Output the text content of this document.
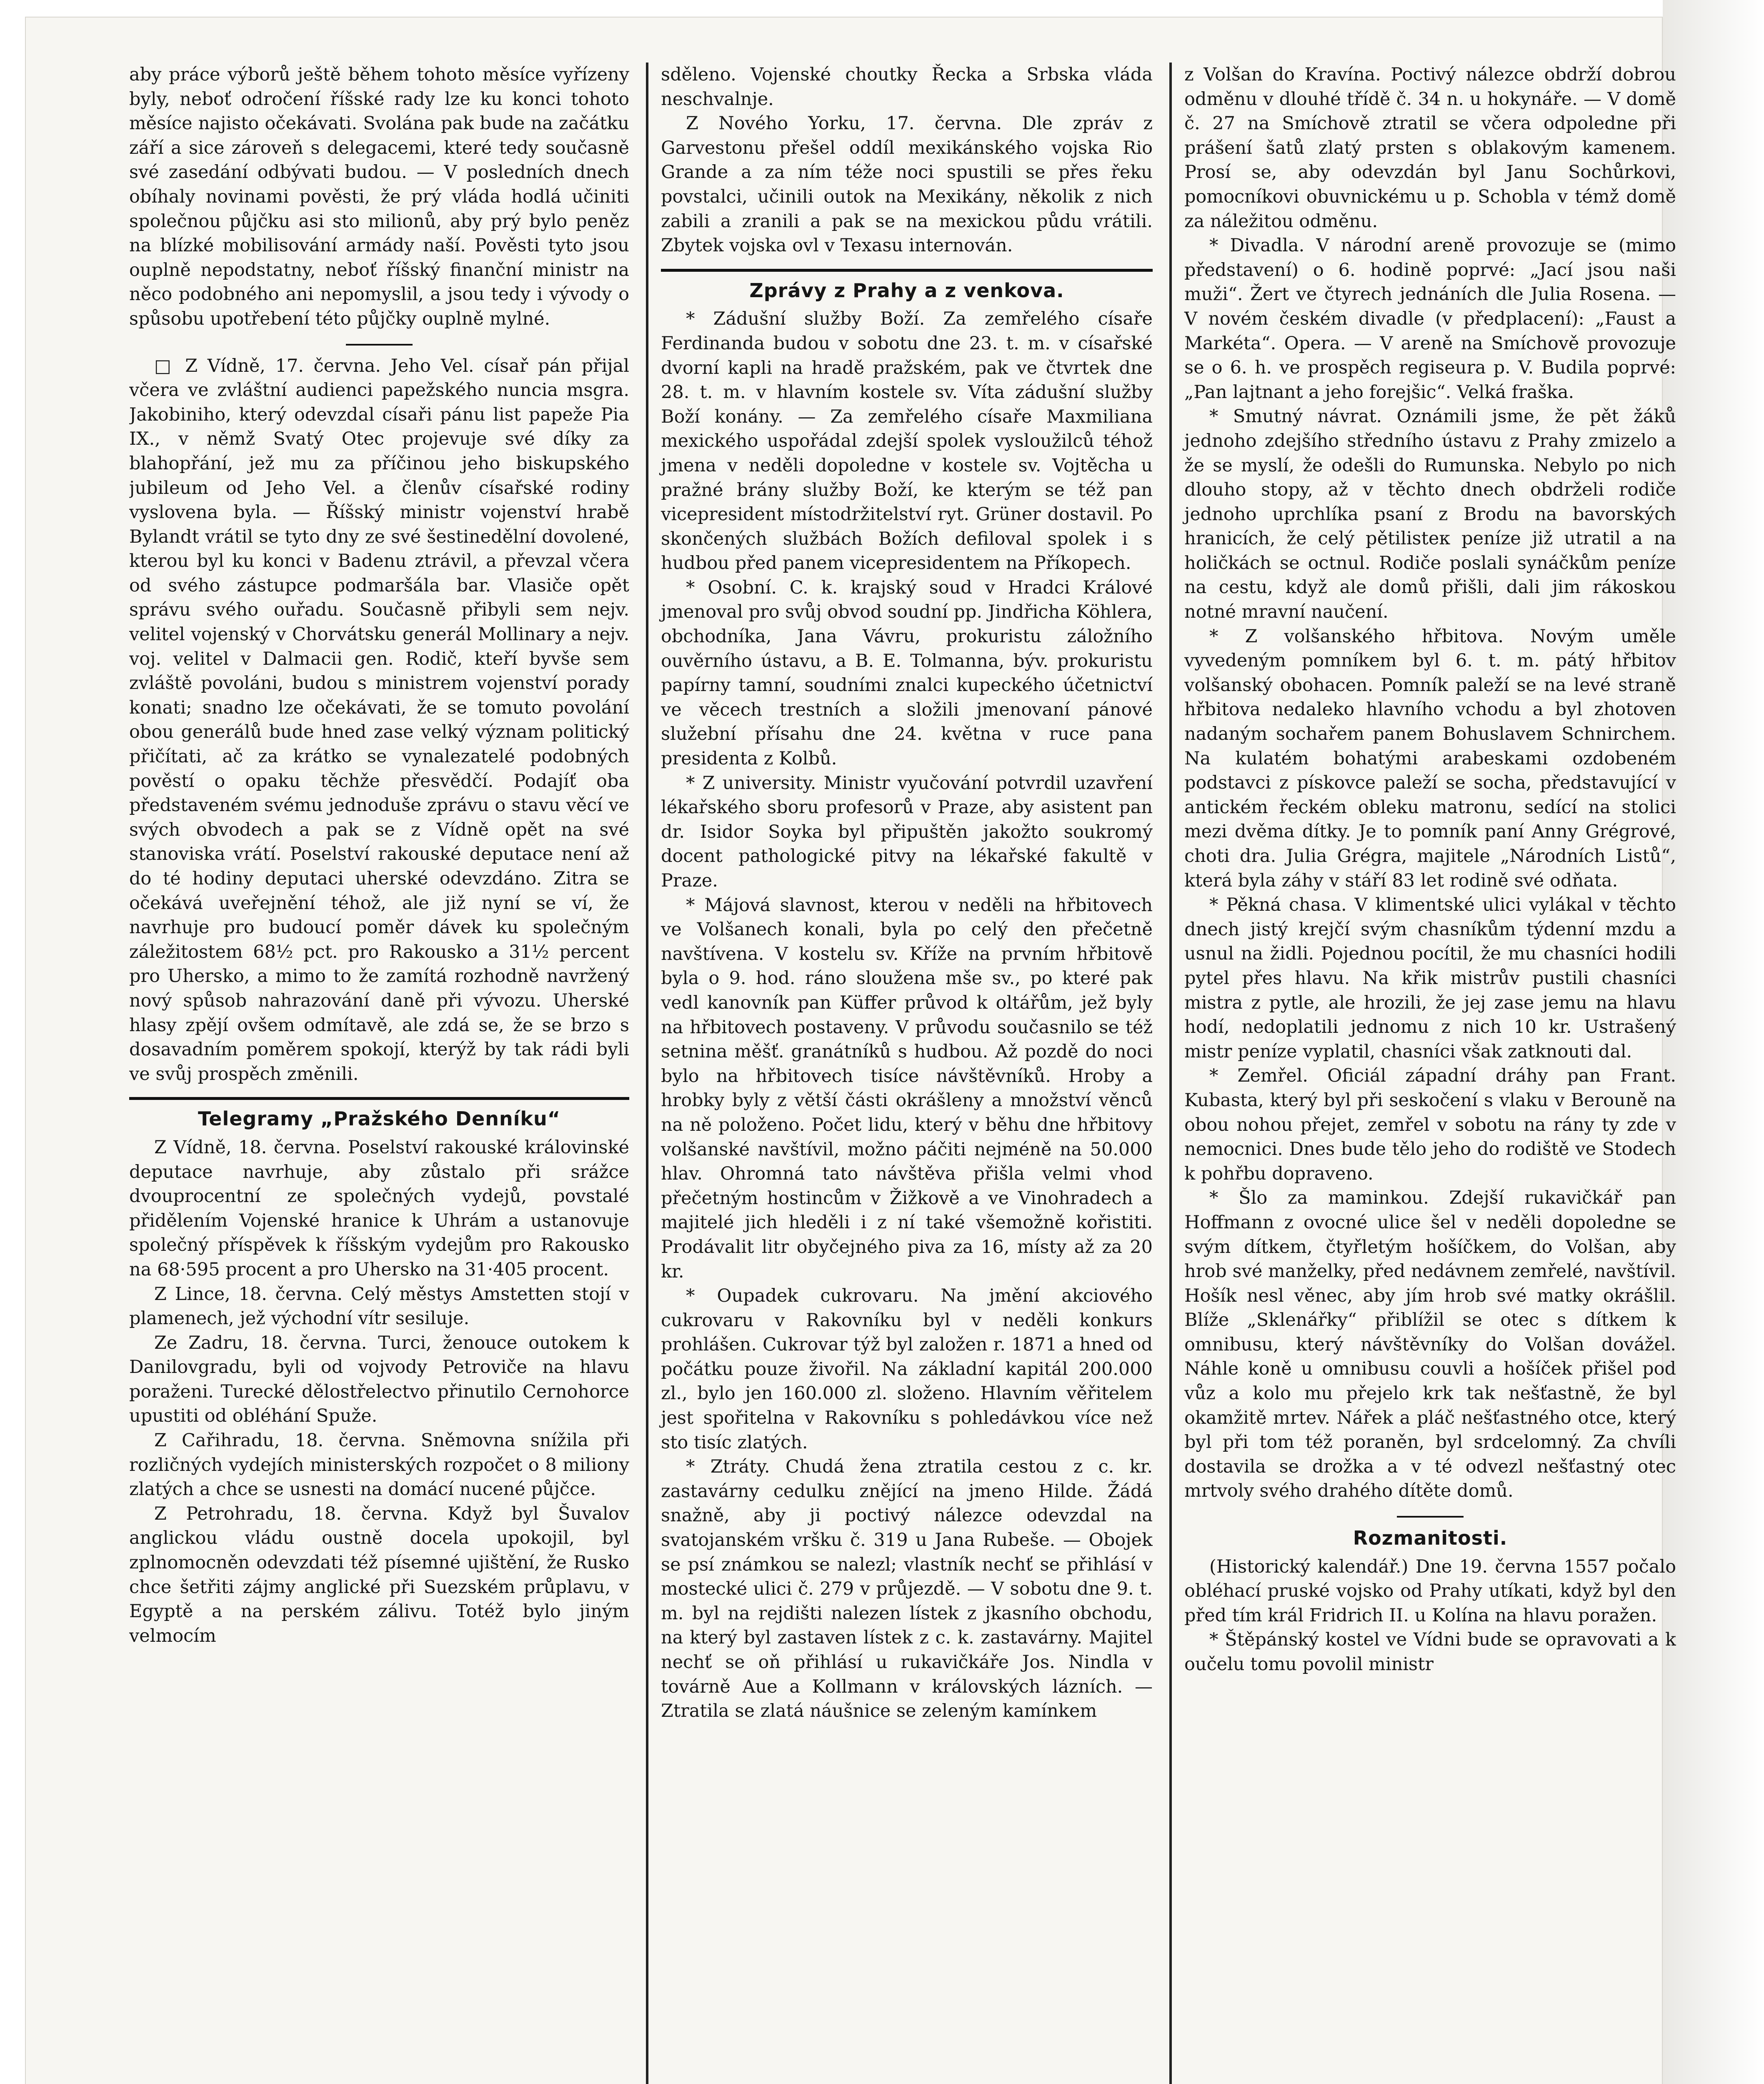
aby práce výborů ještě během tohoto měsíce vyřízeny byly, neboť odročení říšské rady lze ku konci tohoto měsíce najisto očekávati. Svolána pak bude na začátku září a sice zároveň s delegacemi, které tedy současně své zasedání odbývati budou. — V posledních dnech obíhaly novinami pověsti, že prý vláda hodlá učiniti společnou půjčku asi sto milionů, aby prý bylo peněz na blízké mobilisování armády naší. Pověsti tyto jsou ouplně nepodstatny, neboť říšský finanční ministr na něco podobného ani nepomyslil, a jsou tedy i vývody o spůsobu upotřebení této půjčky ouplně mylné.

□ Z Vídně, 17. června. Jeho Vel. císař pán přijal včera ve zvláštní audienci papežského nuncia msgra. Jakobiniho, který odevzdal císaři pánu list papeže Pia IX., v němž Svatý Otec projevuje své díky za blahopřání, jež mu za příčinou jeho biskupského jubileum od Jeho Vel. a členův císařské rodiny vyslovena byla. — Říšský ministr vojenství hrabě Bylandt vrátil se tyto dny ze své šestinedělní dovolené, kterou byl ku konci v Badenu ztrávil, a převzal včera od svého zástupce podmaršála bar. Vlasiče opět správu svého ouřadu. Současně přibyli sem nejv. velitel vojenský v Chorvátsku generál Mollinary a nejv. voj. velitel v Dalmacii gen. Rodič, kteří byvše sem zvláště povoláni, budou s ministrem vojenství porady konati; snadno lze očekávati, že se tomuto povolání obou generálů bude hned zase velký význam politický přičítati, ač za krátko se vynalezatelé podobných pověstí o opaku těchže přesvědčí. Podajíť oba představeném svému jednoduše zprávu o stavu věcí ve svých obvodech a pak se z Vídně opět na své stanoviska vrátí. Poselství rakouské deputace není až do té hodiny deputaci uherské odevzdáno. Zitra se očekává uveřejnění téhož, ale již nyní se ví, že navrhuje pro budoucí poměr dávek ku společným záležitostem 68½ pct. pro Rakousko a 31½ percent pro Uhersko, a mimo to že zamítá rozhodně navržený nový spůsob nahrazování daně při vývozu. Uherské hlasy zpějí ovšem odmítavě, ale zdá se, že se brzo s dosavadním poměrem spokojí, kterýž by tak rádi byli ve svůj prospěch změnili.

Telegramy „Pražského Denníku“

Z Vídně, 18. června. Poselství rakouské královinské deputace navrhuje, aby zůstalo při srážce dvouprocentní ze společných vydejů, povstalé přidělením Vojenské hranice k Uhrám a ustanovuje společný příspěvek k říšským vydejům pro Rakousko na 68·595 procent a pro Uhersko na 31·405 procent.

Z Lince, 18. června. Celý městys Amstetten stojí v plamenech, jež východní vítr sesiluje.

Ze Zadru, 18. června. Turci, ženouce outokem k Danilovgradu, byli od vojvody Petroviče na hlavu poraženi. Turecké dělostřelectvo přinutilo Cernohorce upustiti od obléhání Spuže.

Z Cařihradu, 18. června. Sněmovna snížila při rozličných vydejích ministerských rozpočet o 8 miliony zlatých a chce se usnesti na domácí nucené půjčce.

Z Petrohradu, 18. června. Když byl Šuvalov anglickou vládu oustně docela upokojil, byl zplnomocněn odevzdati též písemné ujištění, že Rusko chce šetřiti zájmy anglické při Suezském průplavu, v Egyptě a na perském zálivu. Totéž bylo jiným velmocím

sděleno. Vojenské choutky Řecka a Srbska vláda neschvalnje.

Z Nového Yorku, 17. června. Dle zpráv z Garvestonu přešel oddíl mexikánského vojska Rio Grande a za ním téže noci spustili se přes řeku povstalci, učinili outok na Mexikány, několik z nich zabili a zranili a pak se na mexickou půdu vrátili. Zbytek vojska ovl v Texasu internován.

Zprávy z Prahy a z venkova.

* Zádušní služby Boží. Za zemřelého císaře Ferdinanda budou v sobotu dne 23. t. m. v císařské dvorní kapli na hradě pražském, pak ve čtvrtek dne 28. t. m. v hlavním kostele sv. Víta zádušní služby Boží konány. — Za zemřelého císaře Maxmiliana mexického uspořádal zdejší spolek vysloužilců téhož jmena v neděli dopoledne v kostele sv. Vojtěcha u pražné brány služby Boží, ke kterým se též pan vicepresident místodržitelství ryt. Grüner dostavil. Po skončených službách Božích defiloval spolek i s hudbou před panem vicepresidentem na Příkopech.

* Osobní. C. k. krajský soud v Hradci Králové jmenoval pro svůj obvod soudní pp. Jindřicha Köhlera, obchodníka, Jana Vávru, prokuristu záložního ouvěrního ústavu, a B. E. Tolmanna, býv. prokuristu papírny tamní, soudními znalci kupeckého účetnictví ve věcech trestních a složili jmenovaní pánové služební přísahu dne 24. května v ruce pana presidenta z Kolbů.

* Z university. Ministr vyučování potvrdil uzavření lékařského sboru profesorů v Praze, aby asistent pan dr. Isidor Soyka byl připuštěn jakožto soukromý docent pathologické pitvy na lékařské fakultě v Praze.

* Májová slavnost, kterou v neděli na hřbitovech ve Volšanech konali, byla po celý den přečetně navštívena. V kostelu sv. Kříže na prvním hřbitově byla o 9. hod. ráno sloužena mše sv., po které pak vedl kanovník pan Küffer průvod k oltářům, jež byly na hřbitovech postaveny. V průvodu současnilo se též setnina měšť. granátníků s hudbou. Až pozdě do noci bylo na hřbitovech tisíce návštěvníků. Hroby a hrobky byly z větší části okrášleny a množství věnců na ně položeno. Počet lidu, který v běhu dne hřbitovy volšanské navštívil, možno páčiti nejméně na 50.000 hlav. Ohromná tato návštěva přišla velmi vhod přečetným hostincům v Žižkově a ve Vinohradech a majitelé jich hleděli i z ní také všemožně kořistiti. Prodávalit litr obyčejného piva za 16, místy až za 20 kr.

* Oupadek cukrovaru. Na jmění akciového cukrovaru v Rakovníku byl v neděli konkurs prohlášen. Cukrovar týž byl založen r. 1871 a hned od počátku pouze živořil. Na základní kapitál 200.000 zl., bylo jen 160.000 zl. složeno. Hlavním věřitelem jest spořitelna v Rakovníku s pohledávkou více než sto tisíc zlatých.

* Ztráty. Chudá žena ztratila cestou z c. kr. zastavárny cedulku znějící na jmeno Hilde. Žádá snažně, aby ji poctivý nálezce odevzdal na svatojanském vršku č. 319 u Jana Rubeše. — Obojek se psí známkou se nalezl; vlastník nechť se přihlásí v mostecké ulici č. 279 v průjezdě. — V sobotu dne 9. t. m. byl na rejdišti nalezen lístek z jkasního obchodu, na který byl zastaven lístek z c. k. zastavárny. Majitel nechť se oň přihlásí u rukavičkáře Jos. Nindla v továrně Aue a Kollmann v královských lázních. — Ztratila se zlatá náušnice se zeleným kamínkem

z Volšan do Kravína. Poctivý nálezce obdrží dobrou odměnu v dlouhé třídě č. 34 n. u hokynáře. — V domě č. 27 na Smíchově ztratil se včera odpoledne při prášení šatů zlatý prsten s oblakovým kamenem. Prosí se, aby odevzdán byl Janu Sochůrkovi, pomocníkovi obuvnickému u p. Schobla v témž domě za náležitou odměnu.

* Divadla. V národní areně provozuje se (mimo představení) o 6. hodině poprvé: „Jací jsou naši muži“. Žert ve čtyrech jednáních dle Julia Rosena. — V novém českém divadle (v předplacení): „Faust a Markéta“. Opera. — V areně na Smíchově provozuje se o 6. h. ve prospěch regiseura p. V. Budila poprvé: „Pan lajtnant a jeho forejšic“. Velká fraška.

* Smutný návrat. Oznámili jsme, že pět žáků jednoho zdejšího středního ústavu z Prahy zmizelo a že se myslí, že odešli do Rumunska. Nebylo po nich dlouho stopy, až v těchto dnech obdrželi rodiče jednoho uprchlíka psaní z Brodu na bavorských hranicích, že celý pětilisteк peníze již utratil a na holičkách se octnul. Rodiče poslali synáčkům peníze na cestu, když ale domů přišli, dali jim rákoskou notné mravní naučení.

* Z volšanského hřbitova. Novým uměle vyvedeným pomníkem byl 6. t. m. pátý hřbitov volšanský obohacen. Pomník paleží se na levé straně hřbitova nedaleko hlavního vchodu a byl zhotoven nadaným sochařem panem Bohuslavem Schnirchem. Na kulatém bohatými arabeskami ozdobeném podstavci z pískovce paleží se socha, představující v antickém řeckém obleku matronu, sedící na stolici mezi dvěma dítky. Je to pomník paní Anny Grégrové, choti drа. Julia Grégra, majitele „Národních Listů“, která byla záhy v stáří 83 let rodině své odňata.

* Pěkná chasa. V klimentské ulici vylákal v těchto dnech jistý krejčí svým chasníkům týdenní mzdu a usnul na židli. Pojednou pocítil, že mu chasníci hodili pytel přes hlavu. Na křik mistrův pustili chasníci mistra z pytle, ale hrozili, že jej zase jemu na hlavu hodí, nedoplatili jednomu z nich 10 kr. Ustrašený mistr peníze vyplatil, chasníci však zatknouti dal.

* Zemřel. Oficiál západní dráhy pan Frant. Kubasta, který byl při seskočení s vlaku v Berouně na obou nohou přejet, zemřel v sobotu na rány ty zde v nemocnici. Dnes bude tělo jeho do rodiště ve Stodech k pohřbu dopraveno.

* Šlo za maminkou. Zdejší rukavičkář pan Hoffmann z ovocné ulice šel v neděli dopoledne se svým dítkem, čtyřletým hošíčkem, do Volšan, aby hrob své manželky, před nedávnem zemřelé, navštívil. Hošík nesl věnec, aby jím hrob své matky okrášlil. Blíže „Sklenářky“ přiblížil se otec s dítkem k omnibusu, který návštěvníky do Volšan dovážel. Náhle koně u omnibusu couvli a hošíček přišel pod vůz a kolo mu přejelo krk tak nešťastně, že byl okamžitě mrtev. Nářek a pláč nešťastného otce, který byl při tom též poraněn, byl srdcelomný. Za chvíli dostavila se drožka a v té odvezl nešťastný otec mrtvoly svého drahého dítěte domů.

Rozmanitosti.

(Historický kalendář.) Dne 19. června 1557 počalo obléhací pruské vojsko od Prahy utíkati, když byl den před tím král Fridrich II. u Kolína na hlavu poražen.

* Štěpánský kostel ve Vídni bude se opravovati a k oučelu tomu povolil ministr
